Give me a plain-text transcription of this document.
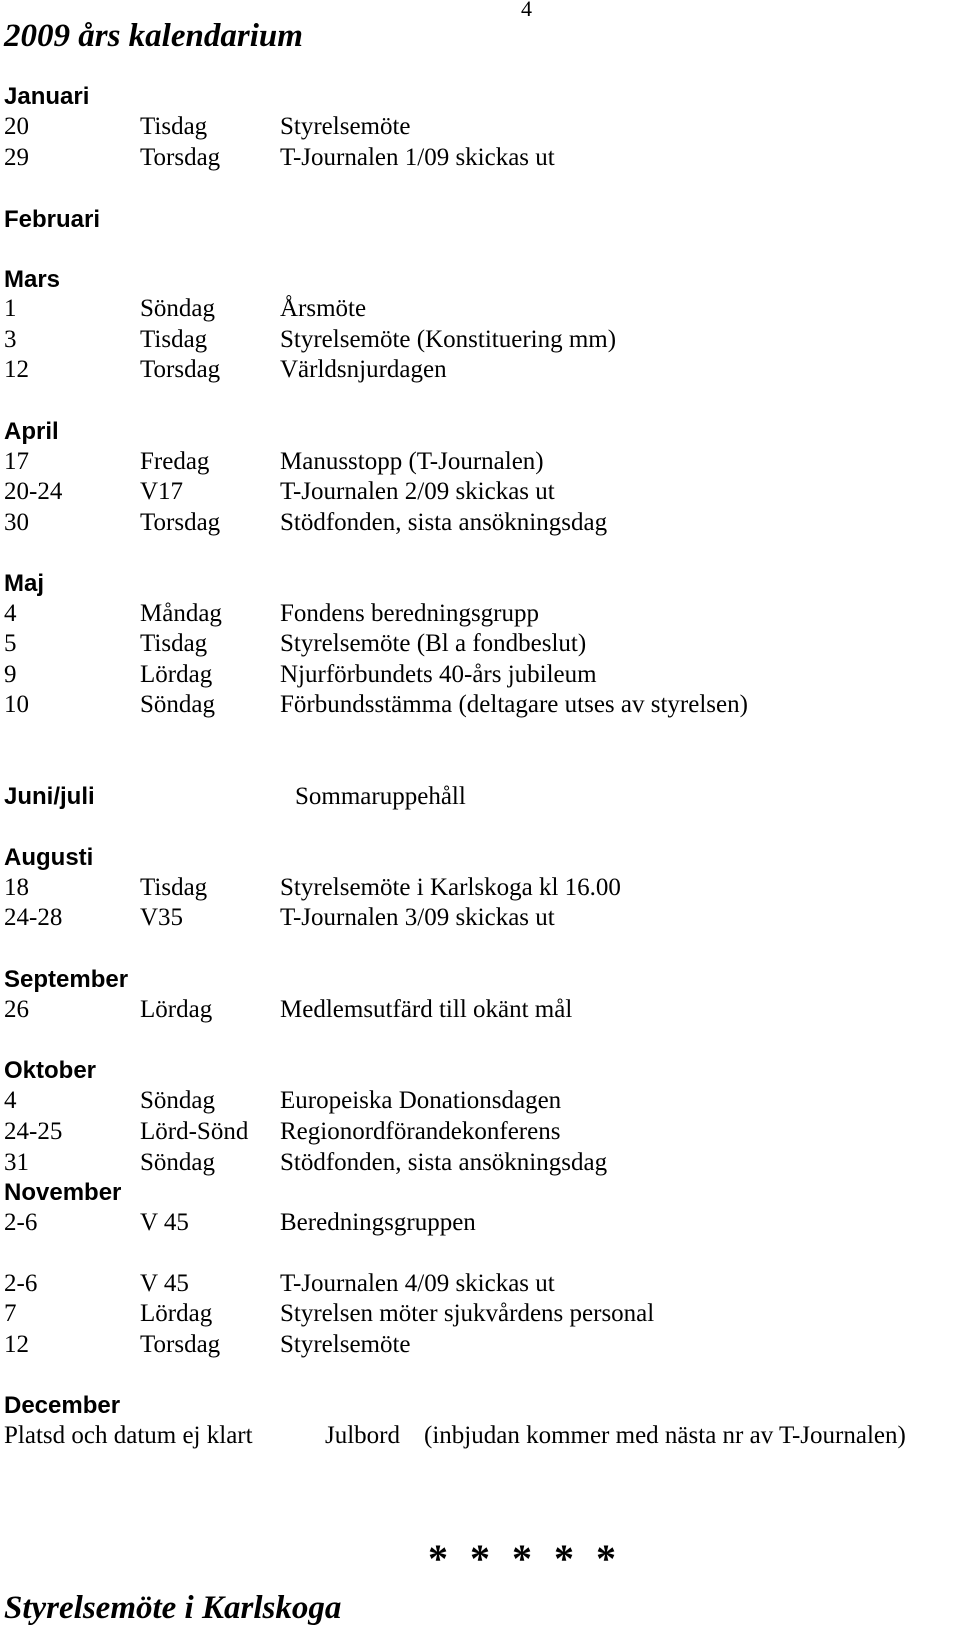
4
2009 års kalendarium
Januari
20	Tisdag	Styrelsemöte
29	Torsdag T-Journalen 1/09 skickas ut
Februari
Mars
1	Söndag	Årsmöte
3	Tisdag	Styrelsemöte (Konstituering mm)
12	Torsdag Världsnjurdagen
April
17	Fredag	Manusstopp (T-Journalen)
20-24	V17	T-Journalen 2/09 skickas ut
30	Torsdag Stödfonden, sista ansökningsdag
Maj
4	Måndag Fondens beredningsgrupp
5	Tisdag	Styrelsemöte (Bl a fondbeslut)
9	Lördag	Njurförbundets 40-års jubileum
10	Söndag	Förbundsstämma (deltagare utses av styrelsen)
Juni/juli	Sommaruppehåll
Augusti
18	Tisdag	Styrelsemöte i Karlskoga kl 16.00
24-28	V35	T-Journalen 3/09 skickas ut
September
26	Lördag	Medlemsutfärd till okänt mål
Oktober
4	Söndag	Europeiska Donationsdagen
24-25	Lörd-Sönd Regionordförandekonferens
31	Söndag	Stödfonden, sista ansökningsdag
November
2-6	V 45	Beredningsgruppen
2-6	V 45	T-Journalen 4/09 skickas ut
7	Lördag	Styrelsen möter sjukvårdens personal
12	Torsdag Styrelsemöte
December
Platsd och datum ej klart	Julbord (inbjudan kommer med nästa nr av T-Journalen)
* * * * *
Styrelsemöte i Karlskoga
